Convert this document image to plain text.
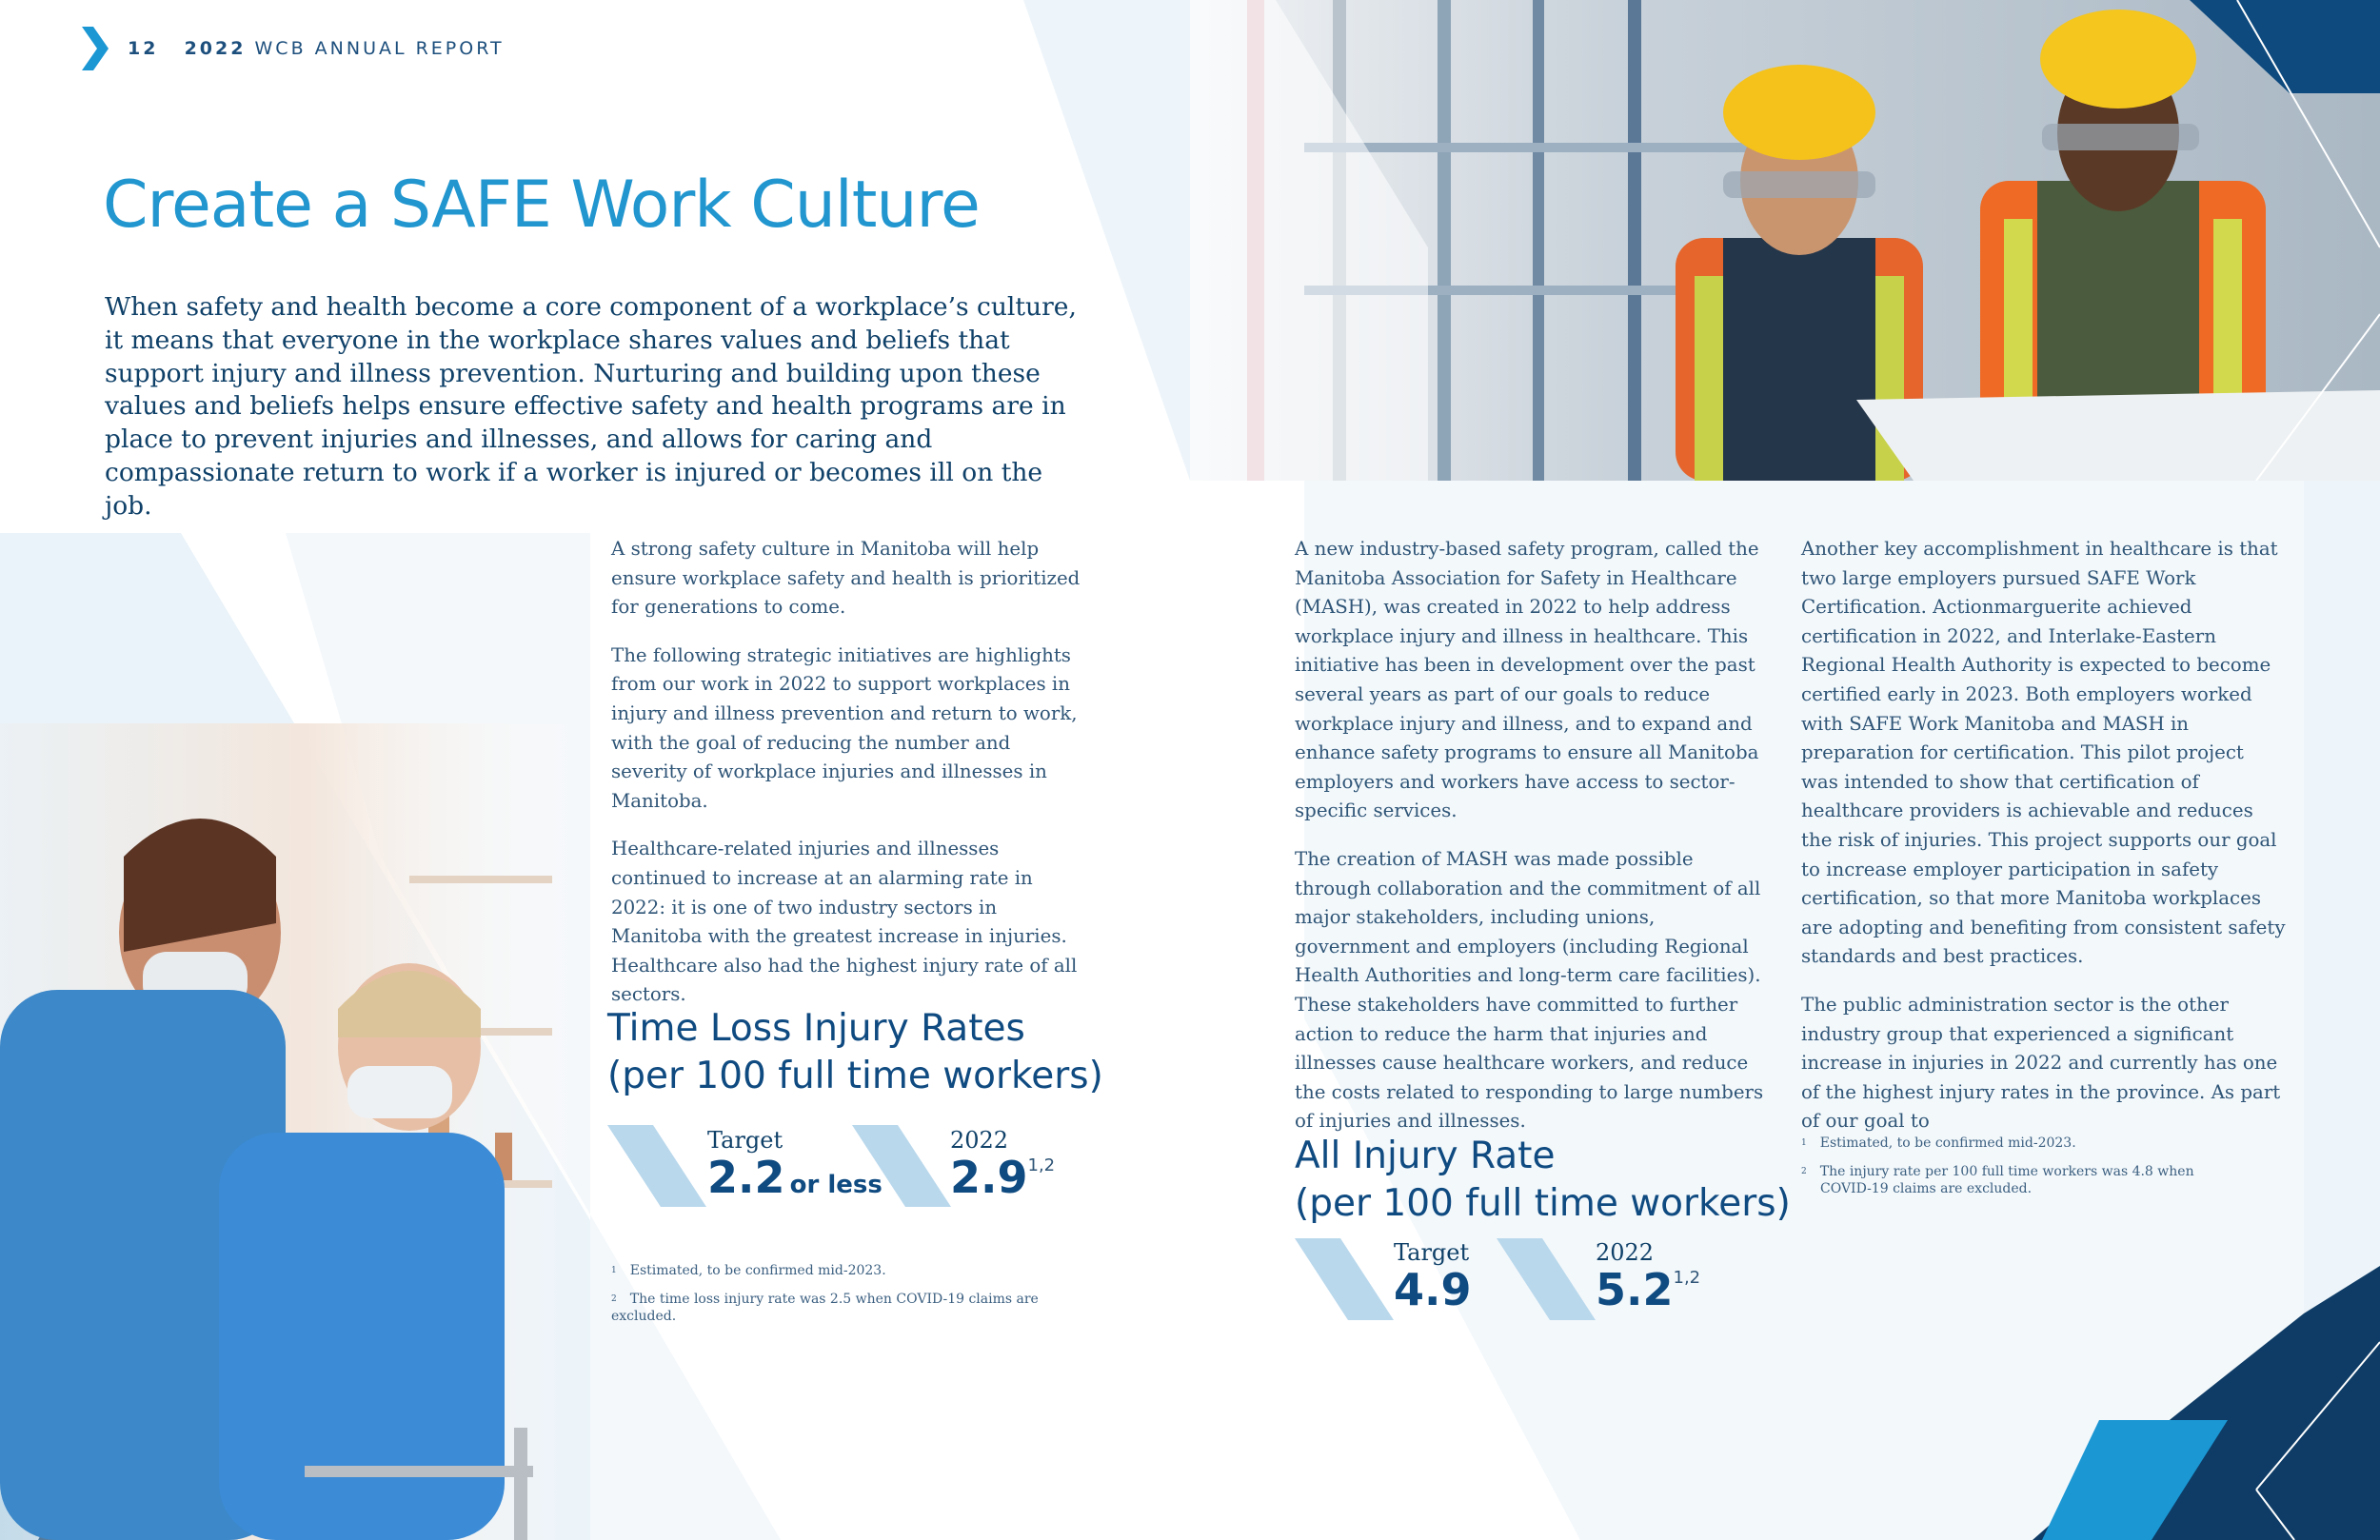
12 2022 WCB ANNUAL REPORT
Create a SAFE Work Culture

When safety and health become a core component of a workplace’s culture, it means that everyone in the workplace shares values and beliefs that support injury and illness prevention. Nurturing and building upon these values and beliefs helps ensure effective safety and health programs are in place to prevent injuries and illnesses, and allows for caring and compassionate return to work if a worker is injured or becomes ill on the job.

A strong safety culture in Manitoba will help ensure workplace safety and health is prioritized for generations to come.

The following strategic initiatives are highlights from our work in 2022 to support workplaces in injury and illness prevention and return to work, with the goal of reducing the number and severity of workplace injuries and illnesses in Manitoba.

Healthcare-related injuries and illnesses continued to increase at an alarming rate in 2022: it is one of two industry sectors in Manitoba with the greatest increase in injuries. Healthcare also had the highest injury rate of all sectors.

Time Loss Injury Rates
(per 100 full time workers)
Target
2.2 or less
2022
2.91,2
$^1$ Estimated, to be confirmed mid-2023.
$^2$ The time loss injury rate was 2.5 when COVID-19 claims are excluded.

A new industry-based safety program, called the Manitoba Association for Safety in Healthcare (MASH), was created in 2022 to help address workplace injury and illness in healthcare. This initiative has been in development over the past several years as part of our goals to reduce workplace injury and illness, and to expand and enhance safety programs to ensure all Manitoba employers and workers have access to sector-specific services.

The creation of MASH was made possible through collaboration and the commitment of all major stakeholders, including unions, government and employers (including Regional Health Authorities and long-term care facilities). These stakeholders have committed to further action to reduce the harm that injuries and illnesses cause healthcare workers, and reduce the costs related to responding to large numbers of injuries and illnesses.

All Injury Rate
(per 100 full time workers)
Target
4.9
2022
5.21,2

Another key accomplishment in healthcare is that two large employers pursued SAFE Work Certification. Actionmarguerite achieved certification in 2022, and Interlake-Eastern Regional Health Authority is expected to become certified early in 2023. Both employers worked with SAFE Work Manitoba and MASH in preparation for certification. This pilot project was intended to show that certification of healthcare providers is achievable and reduces the risk of injuries. This project supports our goal to increase employer participation in safety certification, so that more Manitoba workplaces are adopting and benefiting from consistent safety standards and best practices.

The public administration sector is the other industry group that experienced a significant increase in injuries in 2022 and currently has one of the highest injury rates in the province. As part of our goal to

$^1$ Estimated, to be confirmed mid-2023.
$^2$ The injury rate per 100 full time workers was 4.8 when COVID-19 claims are excluded.
